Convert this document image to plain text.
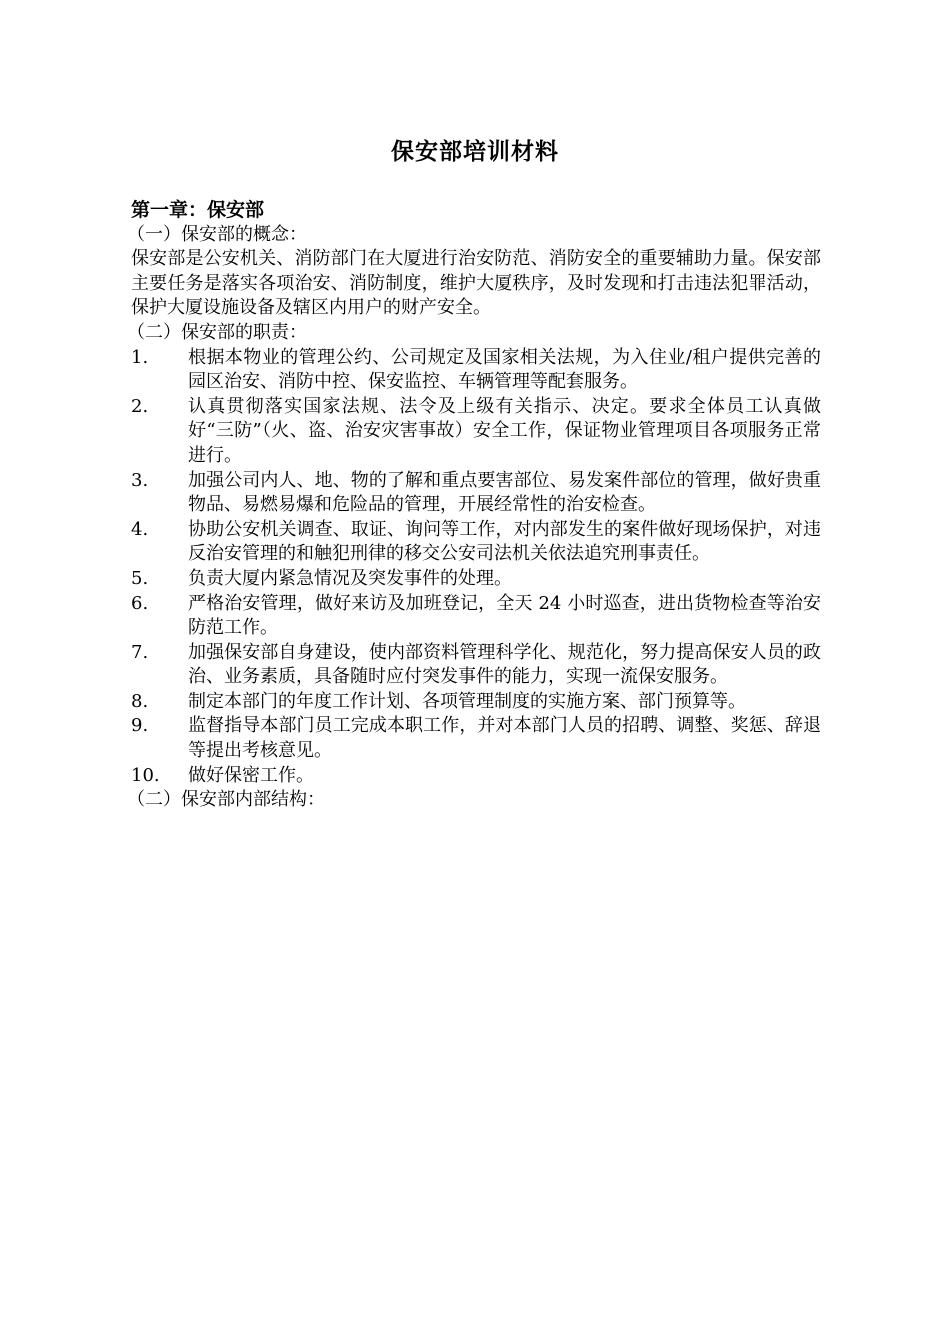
保安部培训材料

第一章：保安部

（一）保安部的概念：

保安部是公安机关、消防部门在大厦进行治安防范、消防安全的重要辅助力量。保安部主要任务是落实各项治安、消防制度，维护大厦秩序，及时发现和打击违法犯罪活动，保护大厦设施设备及辖区内用户的财产安全。

（二）保安部的职责：

1.	根据本物业的管理公约、公司规定及国家相关法规，为入住业/租户提供完善的园区治安、消防中控、保安监控、车辆管理等配套服务。
2.	认真贯彻落实国家法规、法令及上级有关指示、决定。要求全体员工认真做好“三防”（火、盗、治安灾害事故）安全工作，保证物业管理项目各项服务正常进行。
3.	加强公司内人、地、物的了解和重点要害部位、易发案件部位的管理，做好贵重物品、易燃易爆和危险品的管理，开展经常性的治安检查。
4.	协助公安机关调查、取证、询问等工作，对内部发生的案件做好现场保护，对违反治安管理的和触犯刑律的移交公安司法机关依法追究刑事责任。
5.	负责大厦内紧急情况及突发事件的处理。
6.	严格治安管理，做好来访及加班登记，全天 24 小时巡查，进出货物检查等治安防范工作。
7.	加强保安部自身建设，使内部资料管理科学化、规范化，努力提高保安人员的政治、业务素质，具备随时应付突发事件的能力，实现一流保安服务。
8.	制定本部门的年度工作计划、各项管理制度的实施方案、部门预算等。
9.	监督指导本部门员工完成本职工作，并对本部门人员的招聘、调整、奖惩、辞退等提出考核意见。
10.	做好保密工作。

（二）保安部内部结构：
